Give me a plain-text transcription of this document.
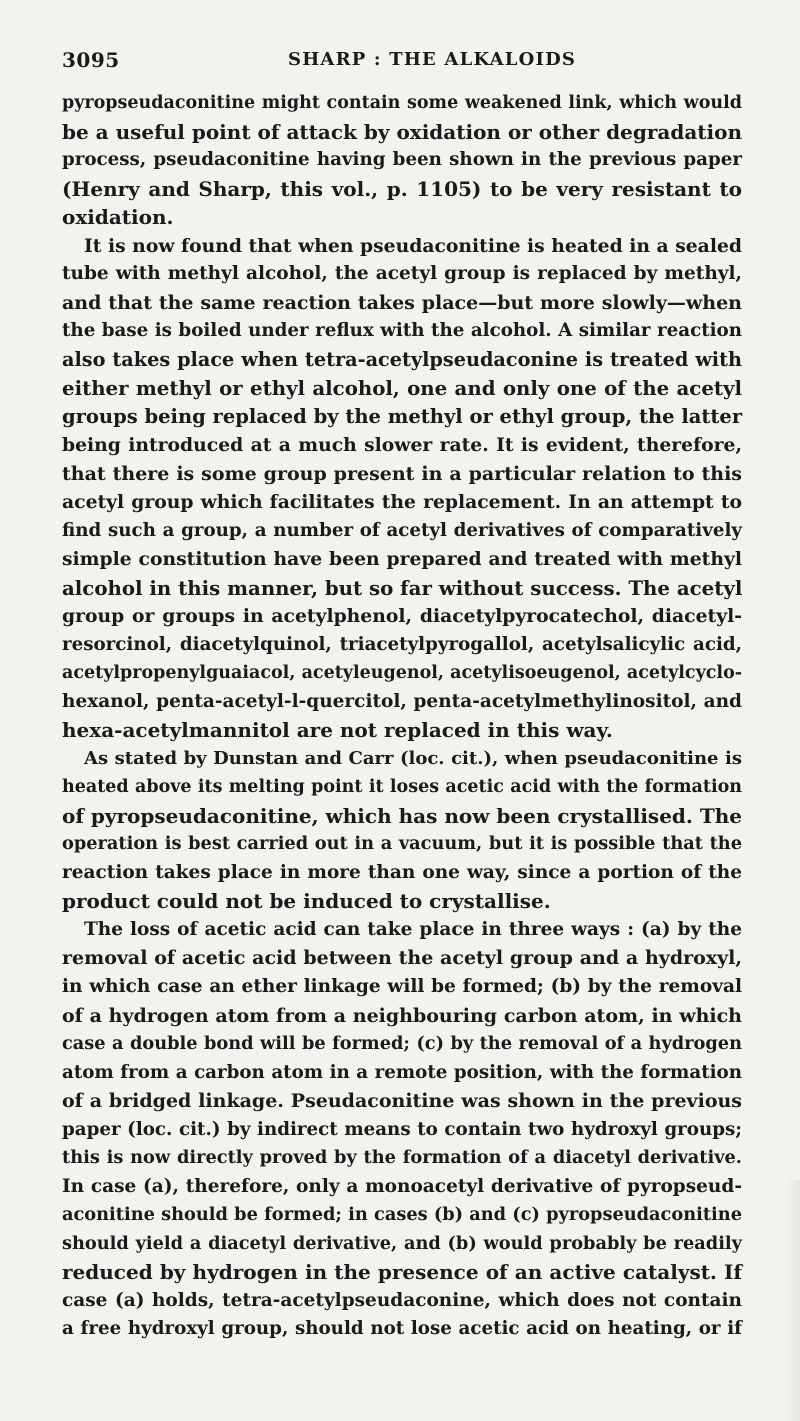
3095	SHARP : THE ALKALOIDS
pyropseudaconitine might contain some weakened link, which would
be a useful point of attack by oxidation or other degradation
process, pseudaconitine having been shown in the previous paper
(Henry and Sharp, this vol., p. 1105) to be very resistant to
oxidation.
It is now found that when pseudaconitine is heated in a sealed
tube with methyl alcohol, the acetyl group is replaced by methyl,
and that the same reaction takes place—but more slowly—when
the base is boiled under reflux with the alcohol. A similar reaction
also takes place when tetra-acetylpseudaconine is treated with
either methyl or ethyl alcohol, one and only one of the acetyl
groups being replaced by the methyl or ethyl group, the latter
being introduced at a much slower rate. It is evident, therefore,
that there is some group present in a particular relation to this
acetyl group which facilitates the replacement. In an attempt to
find such a group, a number of acetyl derivatives of comparatively
simple constitution have been prepared and treated with methyl
alcohol in this manner, but so far without success. The acetyl
group or groups in acetylphenol, diacetylpyrocatechol, diacetyl-
resorcinol, diacetylquinol, triacetylpyrogallol, acetylsalicylic acid,
acetylpropenylguaiacol, acetyleugenol, acetylisoeugenol, acetylcyclo-
hexanol, penta-acetyl-l-quercitol, penta-acetylmethylinositol, and
hexa-acetylmannitol are not replaced in this way.
As stated by Dunstan and Carr (loc. cit.), when pseudaconitine is
heated above its melting point it loses acetic acid with the formation
of pyropseudaconitine, which has now been crystallised. The
operation is best carried out in a vacuum, but it is possible that the
reaction takes place in more than one way, since a portion of the
product could not be induced to crystallise.
The loss of acetic acid can take place in three ways : (a) by the
removal of acetic acid between the acetyl group and a hydroxyl,
in which case an ether linkage will be formed; (b) by the removal
of a hydrogen atom from a neighbouring carbon atom, in which
case a double bond will be formed; (c) by the removal of a hydrogen
atom from a carbon atom in a remote position, with the formation
of a bridged linkage. Pseudaconitine was shown in the previous
paper (loc. cit.) by indirect means to contain two hydroxyl groups;
this is now directly proved by the formation of a diacetyl derivative.
In case (a), therefore, only a monoacetyl derivative of pyropseud-
aconitine should be formed; in cases (b) and (c) pyropseudaconitine
should yield a diacetyl derivative, and (b) would probably be readily
reduced by hydrogen in the presence of an active catalyst. If
case (a) holds, tetra-acetylpseudaconine, which does not contain
a free hydroxyl group, should not lose acetic acid on heating, or if
